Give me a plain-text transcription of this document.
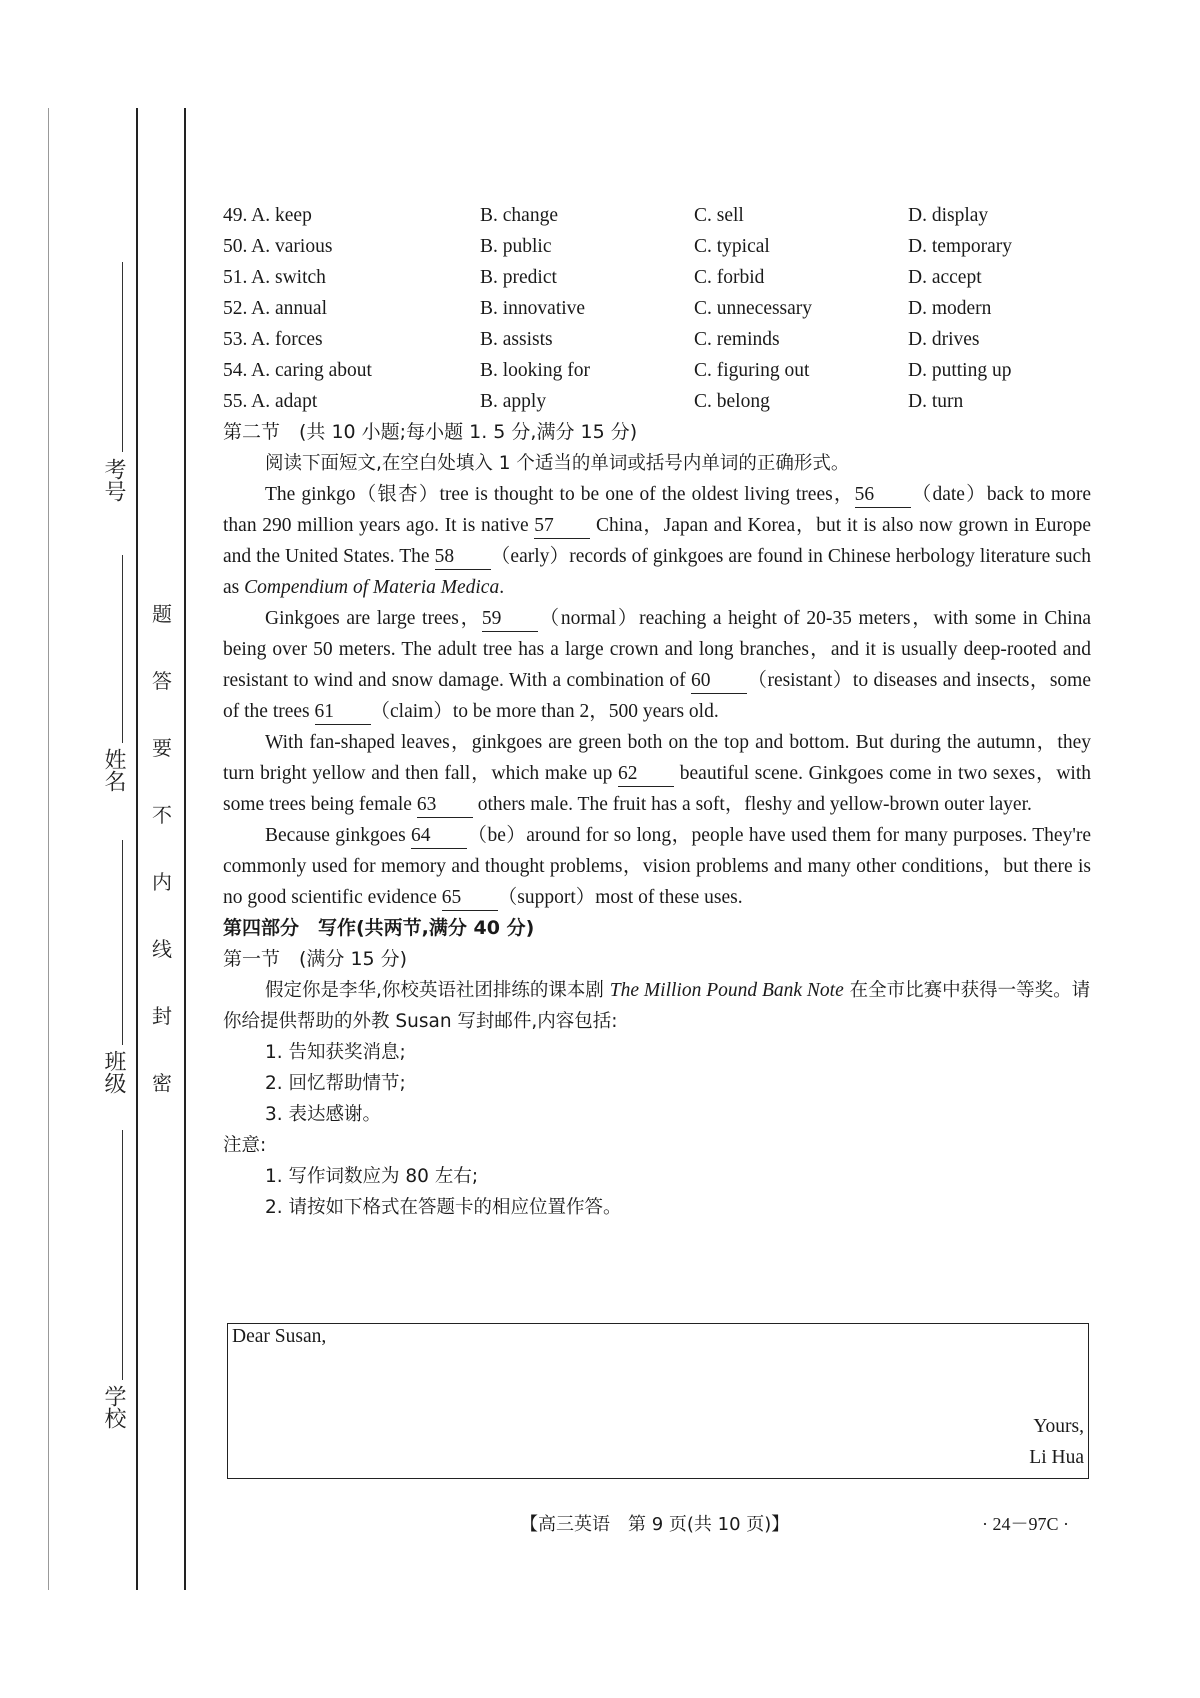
考号
姓名
班级
学校
题
答
要
不
内
线
封
密
49. A. keep	B. change	C. sell	D. display
50. A. various	B. public	C. typical	D. temporary
51. A. switch	B. predict	C. forbid	D. accept
52. A. annual	B. innovative	C. unnecessary	D. modern
53. A. forces	B. assists	C. reminds	D. drives
54. A. caring about	B. looking for	C. figuring out	D. putting up
55. A. adapt	B. apply	C. belong	D. turn
第二节　(共 10 小题;每小题 1. 5 分,满分 15 分)
阅读下面短文,在空白处填入 1 个适当的单词或括号内单词的正确形式。
The ginkgo（银杏）tree is thought to be one of the oldest living trees，56 （date）back to more than 290 million years ago. It is native 57 China，Japan and Korea，but it is also now grown in Europe and the United States. The 58 （early）records of ginkgoes are found in Chinese herbology literature such as Compendium of Materia Medica.
Ginkgoes are large trees，59 （normal）reaching a height of 20-35 meters，with some in China being over 50 meters. The adult tree has a large crown and long branches，and it is usually deep-rooted and resistant to wind and snow damage. With a combination of 60 （resistant）to diseases and insects，some of the trees 61 （claim）to be more than 2，500 years old.
With fan-shaped leaves，ginkgoes are green both on the top and bottom. But during the autumn，they turn bright yellow and then fall，which make up 62 beautiful scene. Ginkgoes come in two sexes，with some trees being female 63 others male. The fruit has a soft，fleshy and yellow-brown outer layer.
Because ginkgoes 64 （be）around for so long，people have used them for many purposes. They're commonly used for memory and thought problems，vision problems and many other conditions，but there is no good scientific evidence 65 （support）most of these uses.
第四部分　写作(共两节,满分 40 分)
第一节　(满分 15 分)
假定你是李华,你校英语社团排练的课本剧 The Million Pound Bank Note 在全市比赛中获得一等奖。请你给提供帮助的外教 Susan 写封邮件,内容包括:
1. 告知获奖消息;
2. 回忆帮助情节;
3. 表达感谢。
注意:
1. 写作词数应为 80 左右;
2. 请按如下格式在答题卡的相应位置作答。
Dear Susan,
Yours,
Li Hua
【高三英语　第 9 页(共 10 页)】	· 24－97C ·
